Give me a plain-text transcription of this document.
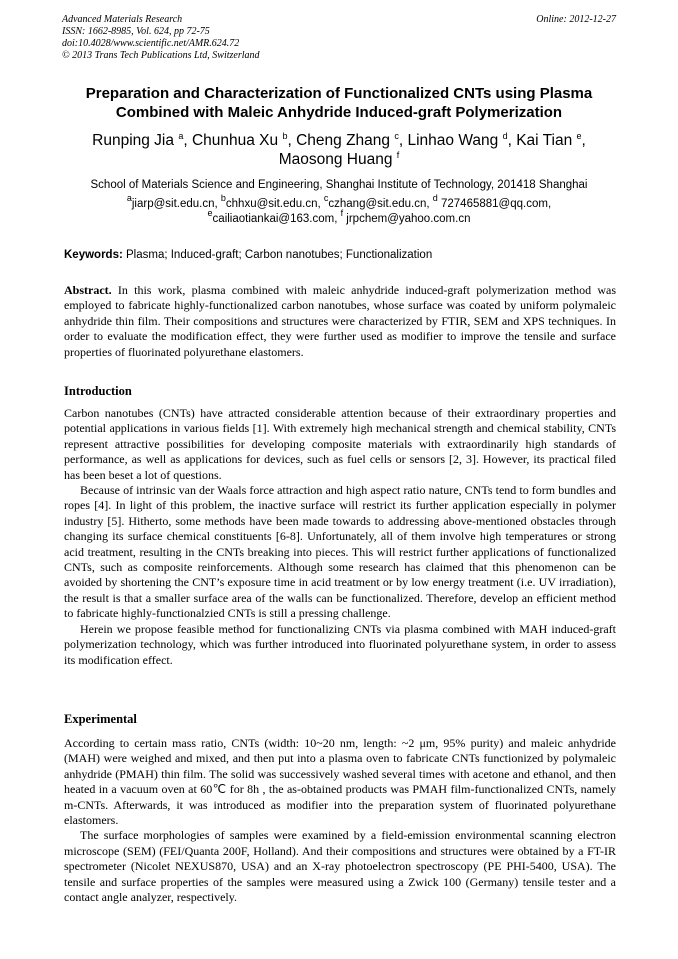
Advanced Materials Research
ISSN: 1662-8985, Vol. 624, pp 72-75
doi:10.4028/www.scientific.net/AMR.624.72
© 2013 Trans Tech Publications Ltd, Switzerland
Online: 2012-12-27
Preparation and Characterization of Functionalized CNTs using Plasma
Combined with Maleic Anhydride Induced-graft Polymerization
Runping Jia $^a$, Chunhua Xu $^b$, Cheng Zhang $^c$, Linhao Wang $^d$, Kai Tian $^e$,
Maosong Huang $^f$
School of Materials Science and Engineering, Shanghai Institute of Technology, 201418 Shanghai
$^a$jiarp@sit.edu.cn, $^b$chhxu@sit.edu.cn, $^c$czhang@sit.edu.cn, $^d$ 727465881@qq.com,
$^e$cailiaotiankai@163.com, $^f$ jrpchem@yahoo.com.cn
Keywords: Plasma; Induced-graft; Carbon nanotubes; Functionalization

Abstract. In this work, plasma combined with maleic anhydride induced-graft polymerization method was employed to fabricate highly-functionalized carbon nanotubes, whose surface was coated by uniform polymaleic anhydride thin film. Their compositions and structures were characterized by FTIR, SEM and XPS techniques. In order to evaluate the modification effect, they were further used as modifier to improve the tensile and surface properties of fluorinated polyurethane elastomers.

Introduction

Carbon nanotubes (CNTs) have attracted considerable attention because of their extraordinary properties and potential applications in various fields [1]. With extremely high mechanical strength and chemical stability, CNTs represent attractive possibilities for developing composite materials with extraordinarily high standards of performance, as well as applications for devices, such as fuel cells or sensors [2, 3]. However, its practical filed has been beset a lot of questions.

Because of intrinsic van der Waals force attraction and high aspect ratio nature, CNTs tend to form bundles and ropes [4]. In light of this problem, the inactive surface will restrict its further application especially in polymer industry [5]. Hitherto, some methods have been made towards to addressing above-mentioned obstacles through changing its surface chemical constituents [6-8]. Unfortunately, all of them involve high temperatures or strong acid treatment, resulting in the CNTs breaking into pieces. This will restrict further applications of functionalized CNTs, such as composite reinforcements. Although some research has claimed that this phenomenon can be avoided by shortening the CNT’s exposure time in acid treatment or by low energy treatment (i.e. UV irradiation), the result is that a smaller surface area of the walls can be functionalized. Therefore, develop an efficient method to fabricate highly-functionalzied CNTs is still a pressing challenge.

Herein we propose feasible method for functionalizing CNTs via plasma combined with MAH induced-graft polymerization technology, which was further introduced into fluorinated polyurethane system, in order to assess its modification effect.

Experimental

According to certain mass ratio, CNTs (width: 10~20 nm, length: ~2 μm, 95% purity) and maleic anhydride (MAH) were weighed and mixed, and then put into a plasma oven to fabricate CNTs functionized by polymaleic anhydride (PMAH) thin film. The solid was successively washed several times with acetone and ethanol, and then heated in a vacuum oven at 60℃ for 8h , the as-obtained products was PMAH film-functionalized CNTs, namely m-CNTs. Afterwards, it was introduced as modifier into the preparation system of fluorinated polyurethane elastomers.

The surface morphologies of samples were examined by a field-emission environmental scanning electron microscope (SEM) (FEI/Quanta 200F, Holland). And their compositions and structures were obtained by a FT-IR spectrometer (Nicolet NEXUS870, USA) and an X-ray photoelectron spectroscopy (PE PHI-5400, USA). The tensile and surface properties of the samples were measured using a Zwick 100 (Germany) tensile tester and a contact angle analyzer, respectively.
